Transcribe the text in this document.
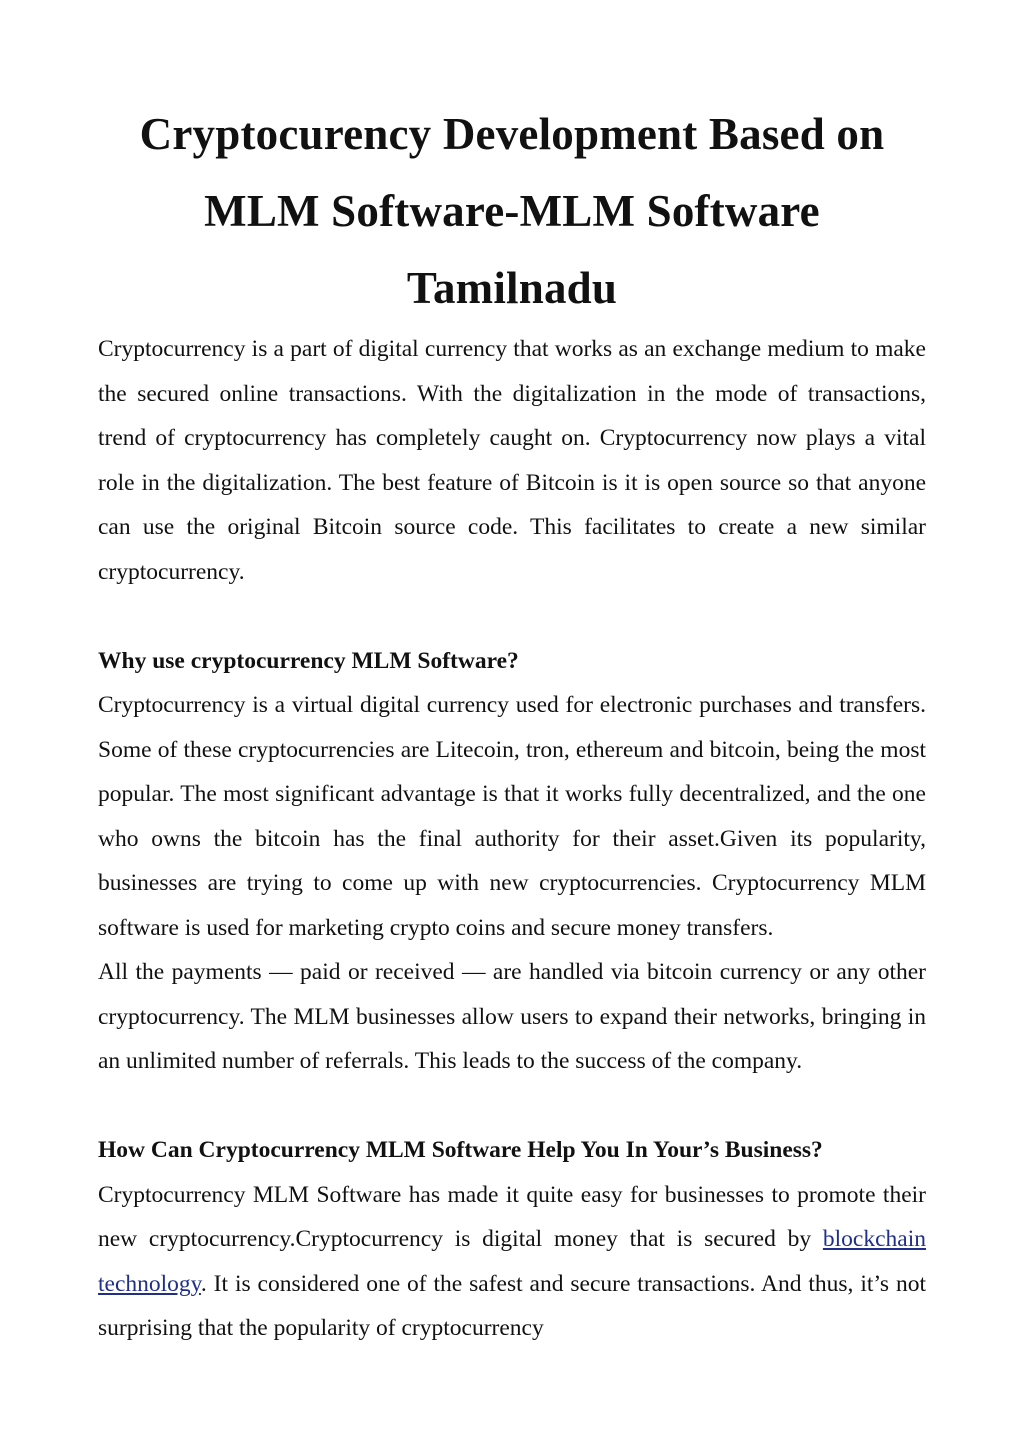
Cryptocurency Development Based on
MLM Software-MLM Software Tamilnadu

Cryptocurrency is a part of digital currency that works as an exchange medium to make the secured online transactions. With the digitalization in the mode of transactions, trend of cryptocurrency has completely caught on. Cryptocurrency now plays a vital role in the digitalization. The best feature of Bitcoin is it is open source so that anyone can use the original Bitcoin source code. This facilitates to create a new similar cryptocurrency.

Why use cryptocurrency MLM Software?

Cryptocurrency is a virtual digital currency used for electronic purchases and transfers. Some of these cryptocurrencies are Litecoin, tron, ethereum and bitcoin, being the most popular. The most significant advantage is that it works fully decentralized, and the one who owns the bitcoin has the final authority for their asset.Given its popularity, businesses are trying to come up with new cryptocurrencies. Cryptocurrency MLM software is used for marketing crypto coins and secure money transfers.

All the payments — paid or received — are handled via bitcoin currency or any other cryptocurrency. The MLM businesses allow users to expand their networks, bringing in an unlimited number of referrals. This leads to the success of the company.

How Can Cryptocurrency MLM Software Help You In Your’s Business?

Cryptocurrency MLM Software has made it quite easy for businesses to promote their new cryptocurrency.Cryptocurrency is digital money that is secured by blockchain technology. It is considered one of the safest and secure transactions. And thus, it’s not surprising that the popularity of cryptocurrency
